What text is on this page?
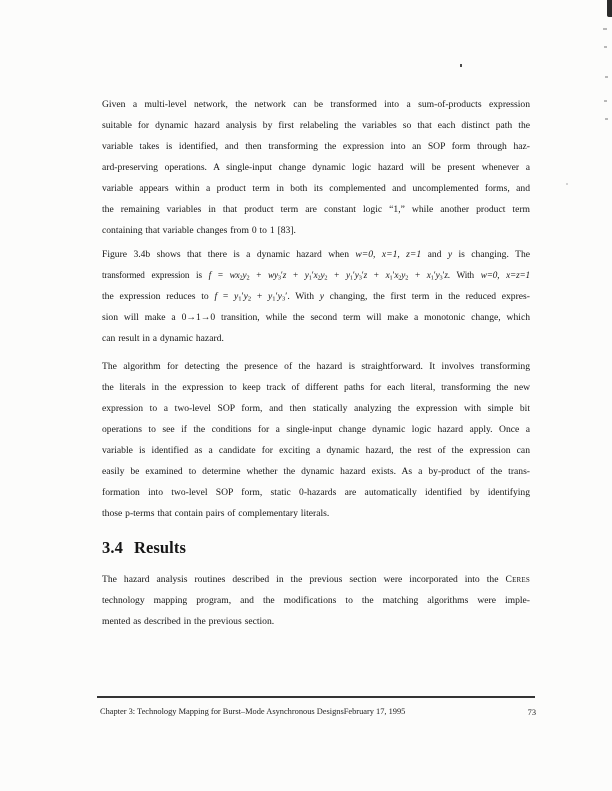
Given a multi-level network, the network can be transformed into a sum-of-products expression
suitable for dynamic hazard analysis by first relabeling the variables so that each distinct path the
variable takes is identified, and then transforming the expression into an SOP form through haz-
ard-preserving operations. A single-input change dynamic logic hazard will be present whenever a
variable appears within a product term in both its complemented and uncomplemented forms, and
the remaining variables in that product term are constant logic “1,” while another product term
containing that variable changes from 0 to 1 [83].
Figure 3.4b shows that there is a dynamic hazard when w=0, x=1, z=1 and y is changing. The
transformed expression is f = wx2y2 + wy3′z + y1′x2y2 + y1′y3′z + x1′x2y2 + x1′y3′z. With w=0, x=z=1
the expression reduces to f = y1′y2 + y1′y3′. With y changing, the first term in the reduced expres-
sion will make a 0→1→0 transition, while the second term will make a monotonic change, which
can result in a dynamic hazard.
The algorithm for detecting the presence of the hazard is straightforward. It involves transforming
the literals in the expression to keep track of different paths for each literal, transforming the new
expression to a two-level SOP form, and then statically analyzing the expression with simple bit
operations to see if the conditions for a single-input change dynamic logic hazard apply. Once a
variable is identified as a candidate for exciting a dynamic hazard, the rest of the expression can
easily be examined to determine whether the dynamic hazard exists. As a by-product of the trans-
formation into two-level SOP form, static 0-hazards are automatically identified by identifying
those p-terms that contain pairs of complementary literals.
3.4 Results
The hazard analysis routines described in the previous section were incorporated into the Ceres
technology mapping program, and the modifications to the matching algorithms were imple-
mented as described in the previous section.
Chapter 3: Technology Mapping for Burst–Mode Asynchronous DesignsFebruary 17, 1995	73
